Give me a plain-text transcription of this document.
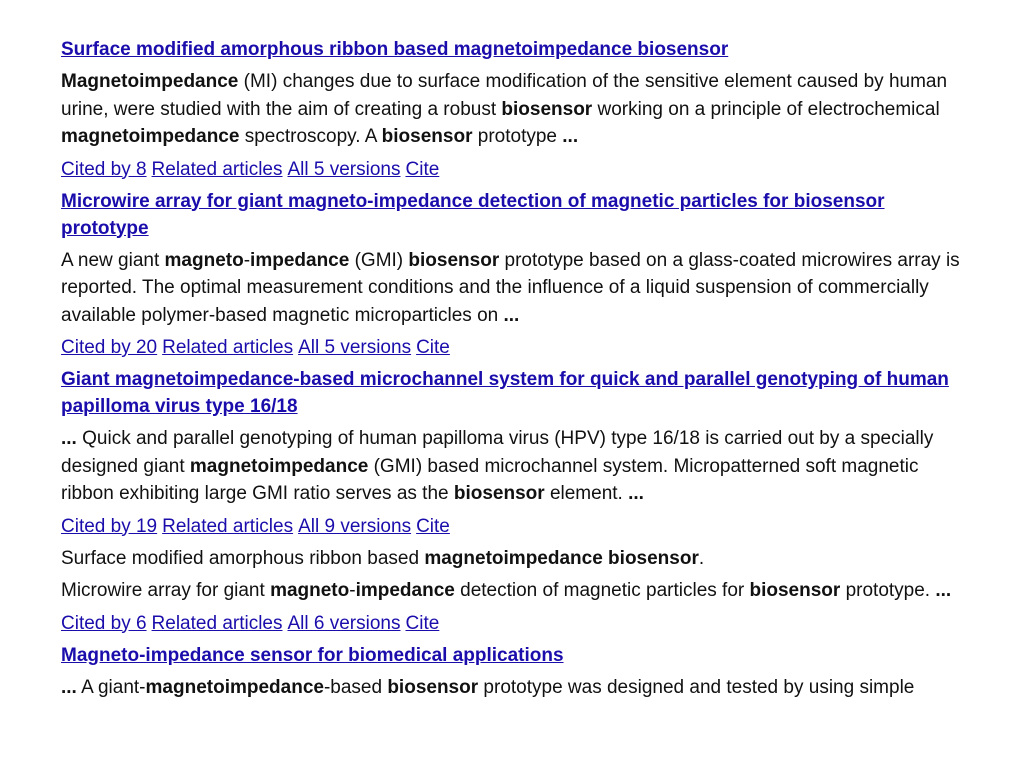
Surface modified amorphous ribbon based magnetoimpedance biosensor
Magnetoimpedance (MI) changes due to surface modification of the sensitive element caused by human urine, were studied with the aim of creating a robust biosensor working on a principle of electrochemical magnetoimpedance spectroscopy. A biosensor prototype ...
Cited by 8 Related articles All 5 versions Cite
Microwire array for giant magneto-impedance detection of magnetic particles for biosensor prototype
A new giant magneto-impedance (GMI) biosensor prototype based on a glass-coated microwires array is reported. The optimal measurement conditions and the influence of a liquid suspension of commercially available polymer-based magnetic microparticles on ...
Cited by 20 Related articles All 5 versions Cite
Giant magnetoimpedance-based microchannel system for quick and parallel genotyping of human papilloma virus type 16/18
... Quick and parallel genotyping of human papilloma virus (HPV) type 16/18 is carried out by a specially designed giant magnetoimpedance (GMI) based microchannel system. Micropatterned soft magnetic ribbon exhibiting large GMI ratio serves as the biosensor element. ...
Cited by 19 Related articles All 9 versions Cite
Surface modified amorphous ribbon based magnetoimpedance biosensor.
Microwire array for giant magneto-impedance detection of magnetic particles for biosensor prototype. ...
Cited by 6 Related articles All 6 versions Cite
Magneto-impedance sensor for biomedical applications
... A giant-magnetoimpedance-based biosensor prototype was designed and tested by using simple
